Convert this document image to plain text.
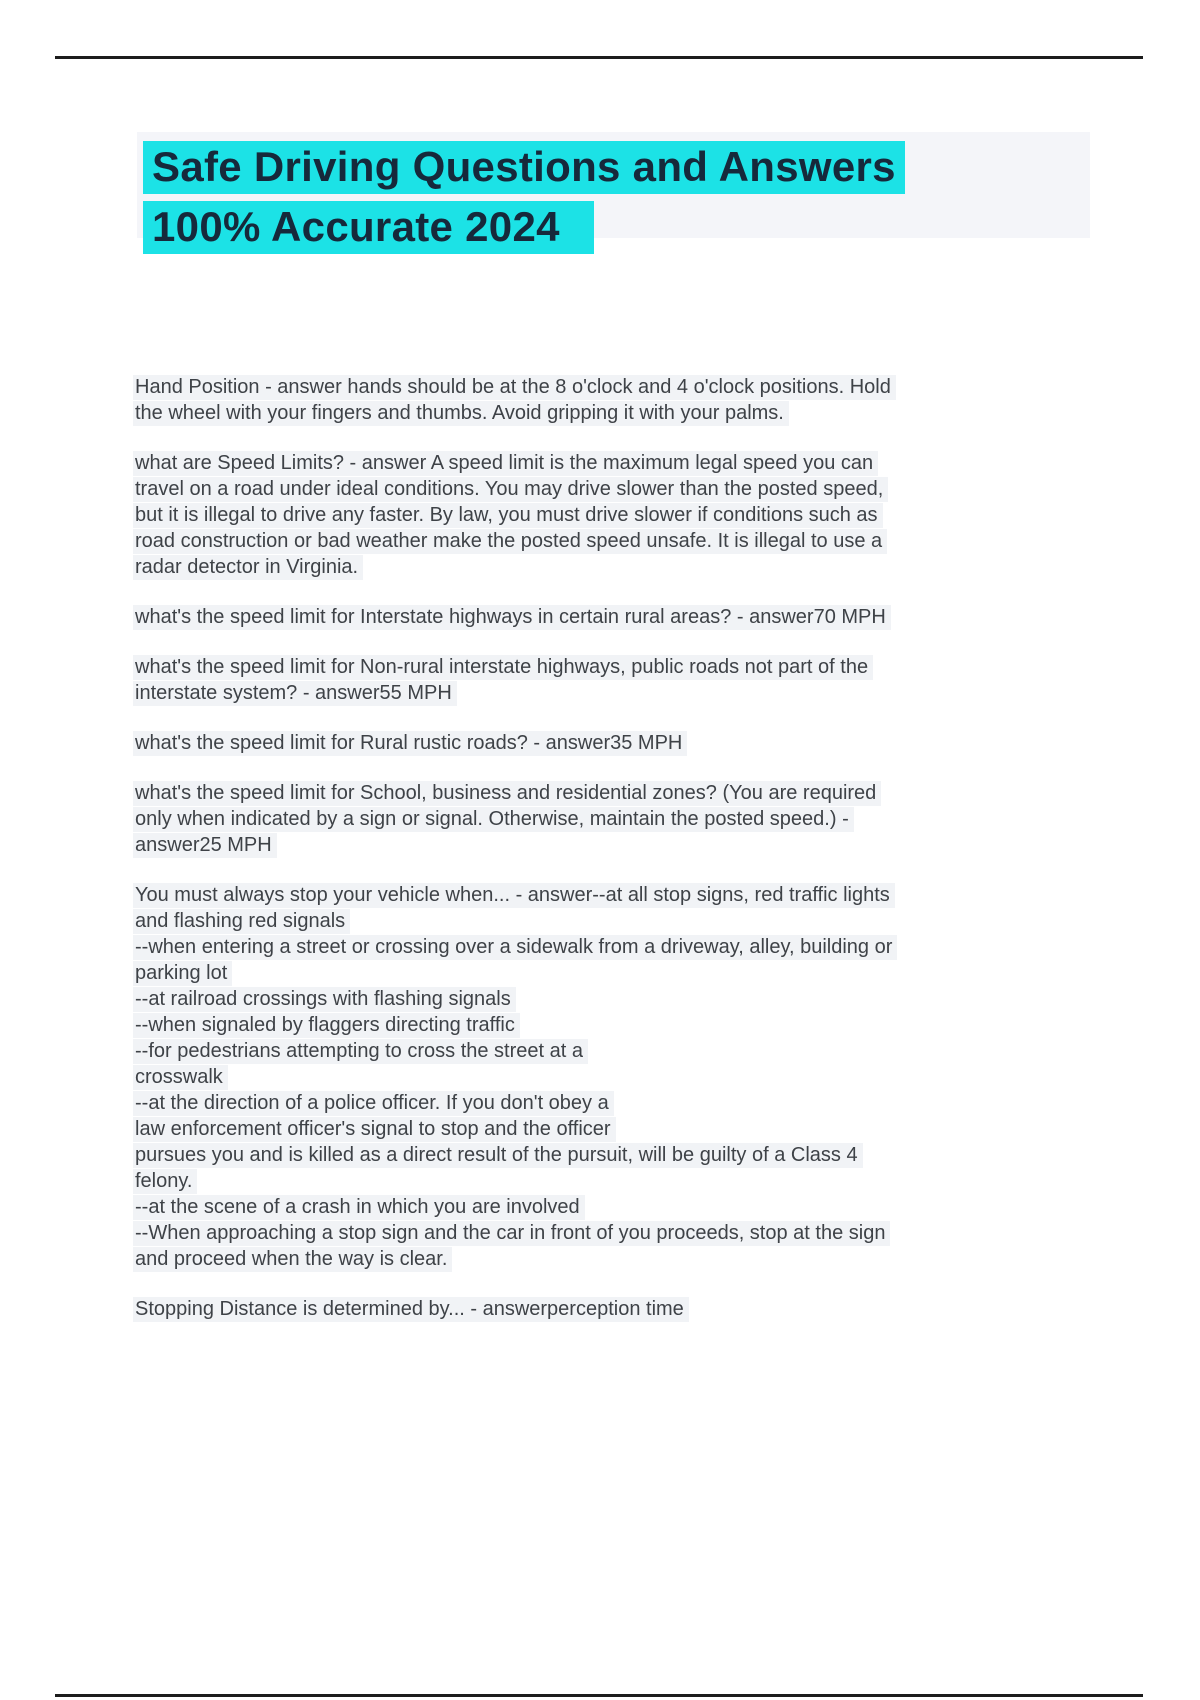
Safe Driving Questions and Answers
100% Accurate 2024
Hand Position - answer hands should be at the 8 o'clock and 4 o'clock positions. Hold
the wheel with your fingers and thumbs. Avoid gripping it with your palms.
what are Speed Limits? - answer A speed limit is the maximum legal speed you can
travel on a road under ideal conditions. You may drive slower than the posted speed,
but it is illegal to drive any faster. By law, you must drive slower if conditions such as
road construction or bad weather make the posted speed unsafe. It is illegal to use a
radar detector in Virginia.
what's the speed limit for Interstate highways in certain rural areas? - answer70 MPH
what's the speed limit for Non-rural interstate highways, public roads not part of the
interstate system? - answer55 MPH
what's the speed limit for Rural rustic roads? - answer35 MPH
what's the speed limit for School, business and residential zones? (You are required
only when indicated by a sign or signal. Otherwise, maintain the posted speed.) -
answer25 MPH
You must always stop your vehicle when... - answer--at all stop signs, red traffic lights
and flashing red signals
--when entering a street or crossing over a sidewalk from a driveway, alley, building or
parking lot
--at railroad crossings with flashing signals
--when signaled by flaggers directing traffic
--for pedestrians attempting to cross the street at a
crosswalk
--at the direction of a police officer. If you don't obey a
law enforcement officer's signal to stop and the officer
pursues you and is killed as a direct result of the pursuit, will be guilty of a Class 4
felony.
--at the scene of a crash in which you are involved
--When approaching a stop sign and the car in front of you proceeds, stop at the sign
and proceed when the way is clear.
Stopping Distance is determined by... - answerperception time
